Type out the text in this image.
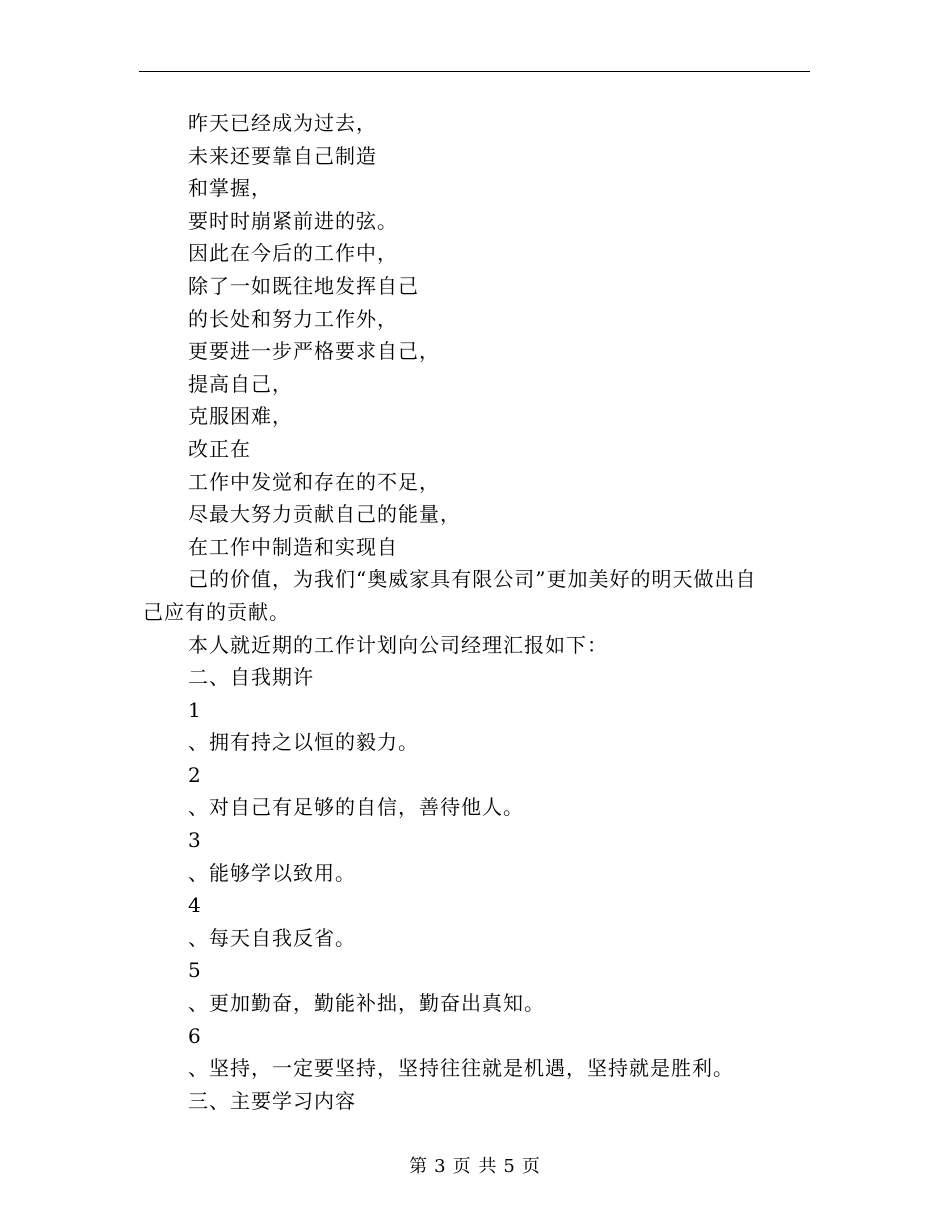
昨天已经成为过去，
未来还要靠自己制造
和掌握，
要时时崩紧前进的弦。
因此在今后的工作中，
除了一如既往地发挥自己
的长处和努力工作外，
更要进一步严格要求自己，
提高自己，
克服困难，
改正在
工作中发觉和存在的不足，
尽最大努力贡献自己的能量，
在工作中制造和实现自
己的价值，为我们“奥威家具有限公司”更加美好的明天做出自
己应有的贡献。
本人就近期的工作计划向公司经理汇报如下：
二、自我期许
1
、拥有持之以恒的毅力。
2
、对自己有足够的自信，善待他人。
3
、能够学以致用。
4
、每天自我反省。
5
、更加勤奋，勤能补拙，勤奋出真知。
6
、坚持，一定要坚持，坚持往往就是机遇，坚持就是胜利。
三、主要学习内容
第 3 页 共 5 页
